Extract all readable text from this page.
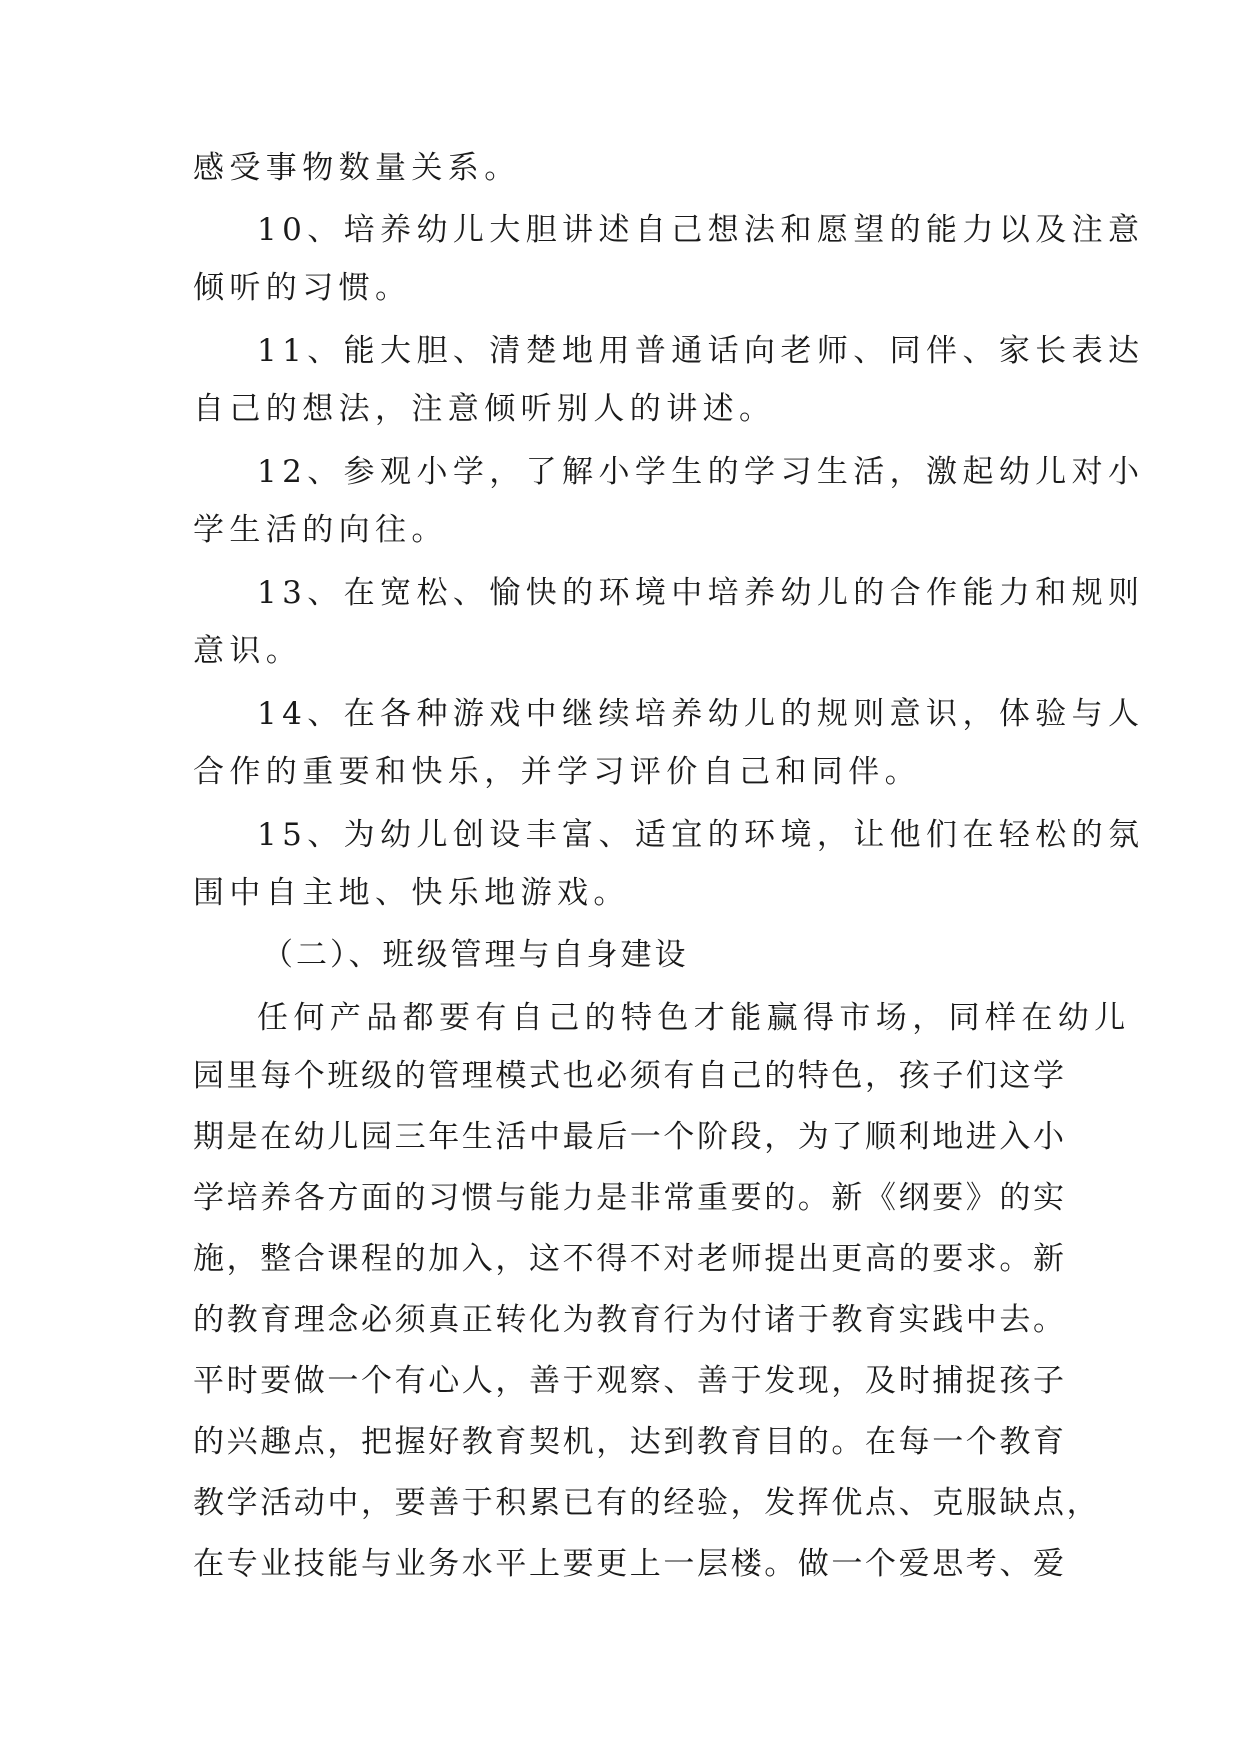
感受事物数量关系。
10、培养幼儿大胆讲述自己想法和愿望的能力以及注意
倾听的习惯。
11、能大胆、清楚地用普通话向老师、同伴、家长表达
自己的想法，注意倾听别人的讲述。
12、参观小学，了解小学生的学习生活，激起幼儿对小
学生活的向往。
13、在宽松、愉快的环境中培养幼儿的合作能力和规则
意识。
14、在各种游戏中继续培养幼儿的规则意识，体验与人
合作的重要和快乐，并学习评价自己和同伴。
15、为幼儿创设丰富、适宜的环境，让他们在轻松的氛
围中自主地、快乐地游戏。
（二）、班级管理与自身建设
任何产品都要有自己的特色才能赢得市场，同样在幼儿
园里每个班级的管理模式也必须有自己的特色，孩子们这学
期是在幼儿园三年生活中最后一个阶段，为了顺利地进入小
学培养各方面的习惯与能力是非常重要的。新《纲要》的实
施，整合课程的加入，这不得不对老师提出更高的要求。新
的教育理念必须真正转化为教育行为付诸于教育实践中去。
平时要做一个有心人，善于观察、善于发现，及时捕捉孩子
的兴趣点，把握好教育契机，达到教育目的。在每一个教育
教学活动中，要善于积累已有的经验，发挥优点、克服缺点，
在专业技能与业务水平上要更上一层楼。做一个爱思考、爱
